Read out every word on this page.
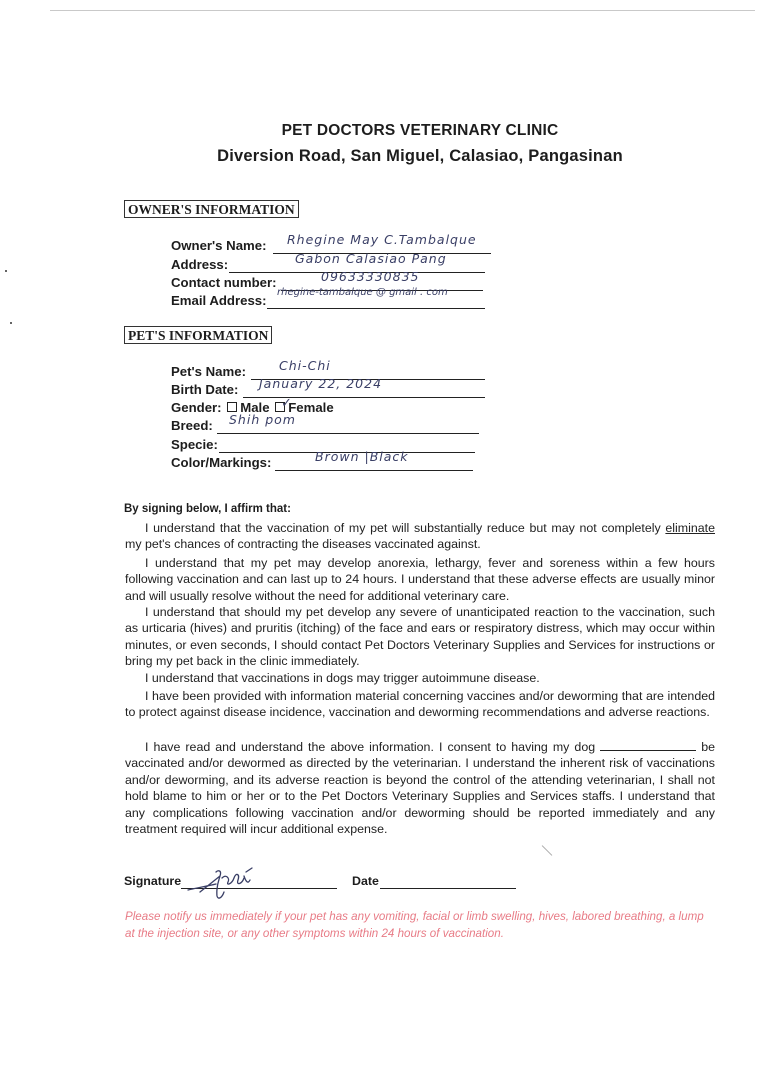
PET DOCTORS VETERINARY CLINIC
Diversion Road, San Miguel, Calasiao, Pangasinan
OWNER'S INFORMATION
Owner's Name: Rhegine May C.Tambalque
Address:	Gabon Calasiao Pang
Contact number:	09633330835
Email Address:
rhegine-tambalque @ gmail . com
PET'S INFORMATION
Pet's Name:	Chi-Chi
Birth Date: January 22, 2024
Gender: Male Female
✓
Breed: Shih pom
Specie:
Color/Markings:	Brown |Black
By signing below, I affirm that:
I understand that the vaccination of my pet will substantially reduce but may not completely eliminate my pet's chances of contracting the diseases vaccinated against.
I understand that my pet may develop anorexia, lethargy, fever and soreness within a few hours following vaccination and can last up to 24 hours. I understand that these adverse effects are usually minor and will usually resolve without the need for additional veterinary care.
I understand that should my pet develop any severe of unanticipated reaction to the vaccination, such as urticaria (hives) and pruritis (itching) of the face and ears or respiratory distress, which may occur within minutes, or even seconds, I should contact Pet Doctors Veterinary Supplies and Services for instructions or bring my pet back in the clinic immediately.
I understand that vaccinations in dogs may trigger autoimmune disease.
I have been provided with information material concerning vaccines and/or deworming that are intended to protect against disease incidence, vaccination and deworming recommendations and adverse reactions.
I have read and understand the above information. I consent to having my dog	be vaccinated and/or dewormed as directed by the veterinarian. I understand the inherent risk of vaccinations and/or deworming, and its adverse reaction is beyond the control of the attending veterinarian, I shall not hold blame to him or her or to the Pet Doctors Veterinary Supplies and Services staffs. I understand that any complications following vaccination and/or deworming should be reported immediately and any treatment required will incur additional expense.
Signature	Date
Please notify us immediately if your pet has any vomiting, facial or limb swelling, hives, labored breathing, a lump at the injection site, or any other symptoms within 24 hours of vaccination.
